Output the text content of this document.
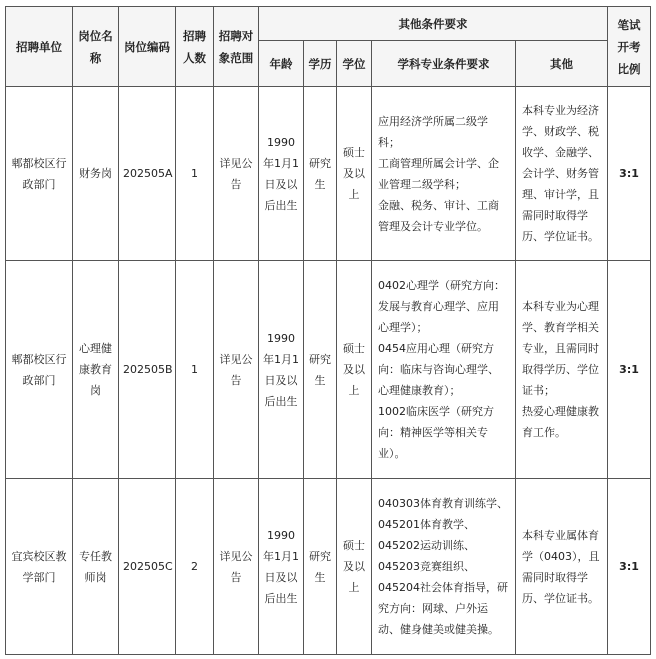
招聘单位	岗位名称	岗位编码	招聘人数	招聘对象范围	其他条件要求					笔试开考比例
					年龄	学历	学位	学科专业条件要求	其他	
郫都校区行政部门	财务岗	202505A	1	详见公告	1990年1月1日及以后出生	研究生	硕士及以上	应用经济学所属二级学科；
工商管理所属会计学、企业管理二级学科；
金融、税务、审计、工商管理及会计专业学位。	本科专业为经济学、财政学、税收学、金融学、会计学、财务管理、审计学，且需同时取得学历、学位证书。	3:1
郫都校区行政部门	心理健康教育岗	202505B	1	详见公告	1990年1月1日及以后出生	研究生	硕士及以上	0402心理学（研究方向：发展与教育心理学、应用心理学）；
0454应用心理（研究方向：临床与咨询心理学、心理健康教育）；
1002临床医学（研究方向：精神医学等相关专业）。	本科专业为心理学、教育学相关专业，且需同时取得学历、学位证书；
热爱心理健康教育工作。	3:1
宜宾校区教学部门	专任教师岗	202505C	2	详见公告	1990年1月1日及以后出生	研究生	硕士及以上	040303体育教育训练学、045201体育教学、045202运动训练、045203竞赛组织、045204社会体育指导，研究方向：网球、户外运动、健身健美或健美操。	本科专业属体育学（0403），且需同时取得学历、学位证书。	3:1
